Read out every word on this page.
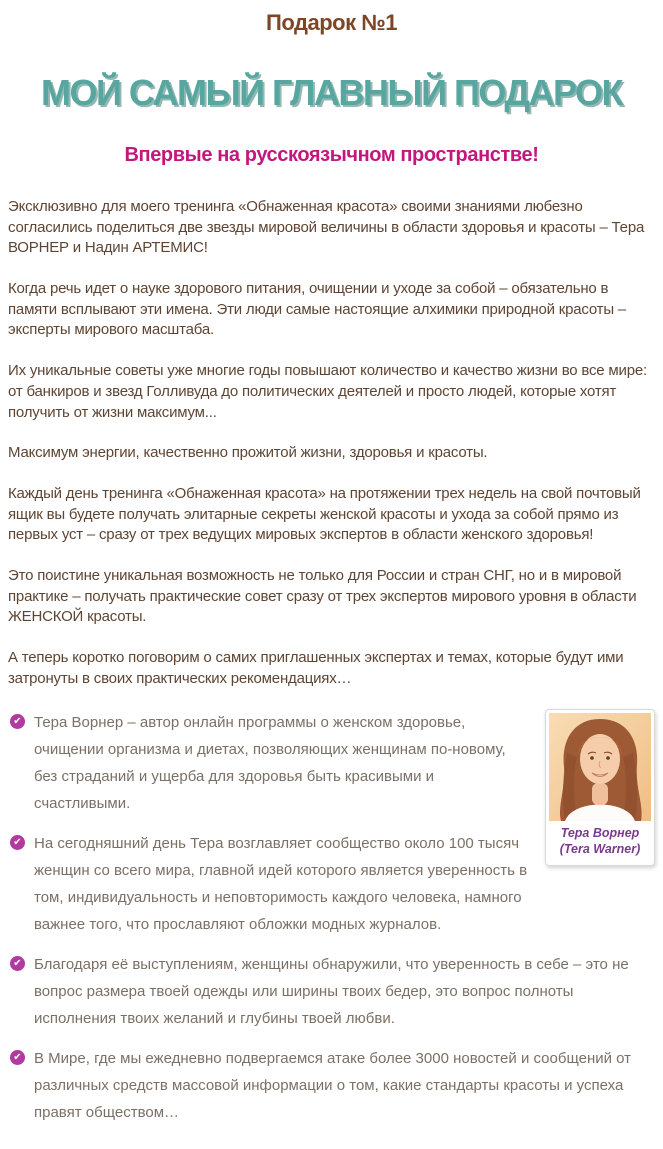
Подарок №1
МОЙ САМЫЙ ГЛАВНЫЙ ПОДАРОК
Впервые на русскоязычном пространстве!

Эксклюзивно для моего тренинга «Обнаженная красота» своими знаниями любезно согласились поделиться две звезды мировой величины в области здоровья и красоты – Тера ВОРНЕР и Надин АРТЕМИС!

Когда речь идет о науке здорового питания, очищении и уходе за собой – обязательно в памяти всплывают эти имена. Эти люди самые настоящие алхимики природной красоты – эксперты мирового масштаба.

Их уникальные советы уже многие годы повышают количество и качество жизни во все мире: от банкиров и звезд Голливуда до политических деятелей и просто людей, которые хотят получить от жизни максимум...

Максимум энергии, качественно прожитой жизни, здоровья и красоты.

Каждый день тренинга «Обнаженная красота» на протяжении трех недель на свой почтовый ящик вы будете получать элитарные секреты женской красоты и ухода за собой прямо из первых уст – сразу от трех ведущих мировых экспертов в области женского здоровья!

Это поистине уникальная возможность не только для России и стран СНГ, но и в мировой практике – получать практические совет сразу от трех экспертов мирового уровня в области ЖЕНСКОЙ красоты.

А теперь коротко поговорим о самих приглашенных экспертах и темах, которые будут ими затронуты в своих практических рекомендациях…

Тера Ворнер
(Tera Warner)
✔ Тера Ворнер – автор онлайн программы о женском здоровье, очищении организма и диетах, позволяющих женщинам по-новому, без страданий и ущерба для здоровья быть красивыми и счастливыми.
✔ На сегодняшний день Тера возглавляет сообщество около 100 тысяч женщин со всего мира, главной идей которого является уверенность в том, индивидуальность и неповторимость каждого человека, намного важнее того, что прославляют обложки модных журналов.
✔ Благодаря её выступлениям, женщины обнаружили, что уверенность в себе – это не вопрос размера твоей одежды или ширины твоих бедер, это вопрос полноты исполнения твоих желаний и глубины твоей любви.
✔ В Мире, где мы ежедневно подвергаемся атаке более 3000 новостей и сообщений от различных средств массовой информации о том, какие стандарты красоты и успеха правят обществом…
